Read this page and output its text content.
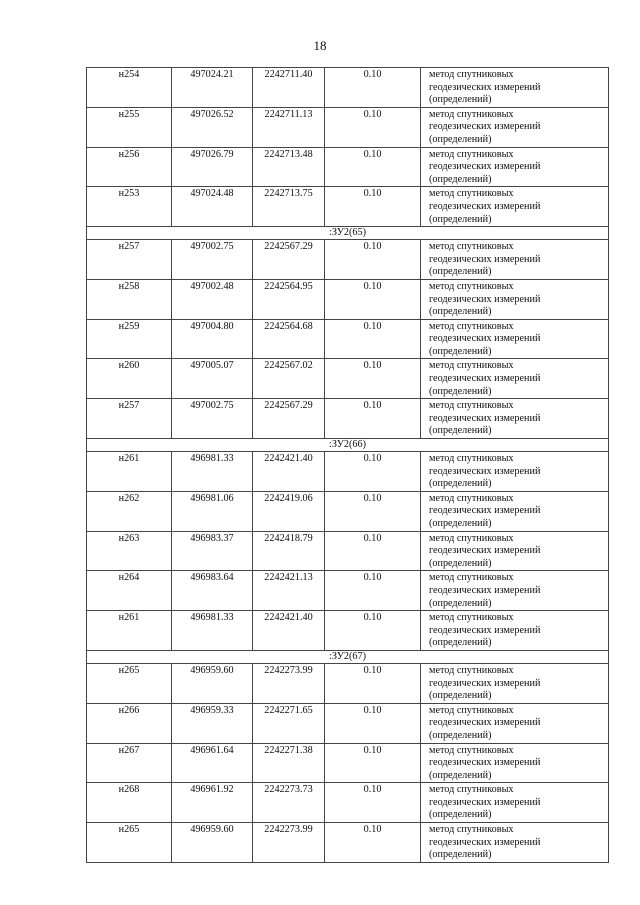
18
н254	497024.21	2242711.40	0.10	метод спутниковых
геодезических измерений
(определений)

н255	497026.52	2242711.13	0.10	метод спутниковых
геодезических измерений
(определений)

н256	497026.79	2242713.48	0.10	метод спутниковых
геодезических измерений
(определений)

н253	497024.48	2242713.75	0.10	метод спутниковых
геодезических измерений
(определений)

:ЗУ2(65)				
н257	497002.75	2242567.29	0.10	метод спутниковых
геодезических измерений
(определений)

н258	497002.48	2242564.95	0.10	метод спутниковых
геодезических измерений
(определений)

н259	497004.80	2242564.68	0.10	метод спутниковых
геодезических измерений
(определений)

н260	497005.07	2242567.02	0.10	метод спутниковых
геодезических измерений
(определений)

н257	497002.75	2242567.29	0.10	метод спутниковых
геодезических измерений
(определений)

:ЗУ2(66)				
н261	496981.33	2242421.40	0.10	метод спутниковых
геодезических измерений
(определений)

н262	496981.06	2242419.06	0.10	метод спутниковых
геодезических измерений
(определений)

н263	496983.37	2242418.79	0.10	метод спутниковых
геодезических измерений
(определений)

н264	496983.64	2242421.13	0.10	метод спутниковых
геодезических измерений
(определений)

н261	496981.33	2242421.40	0.10	метод спутниковых
геодезических измерений
(определений)

:ЗУ2(67)				
н265	496959.60	2242273.99	0.10	метод спутниковых
геодезических измерений
(определений)

н266	496959.33	2242271.65	0.10	метод спутниковых
геодезических измерений
(определений)

н267	496961.64	2242271.38	0.10	метод спутниковых
геодезических измерений
(определений)

н268	496961.92	2242273.73	0.10	метод спутниковых
геодезических измерений
(определений)

н265	496959.60	2242273.99	0.10	метод спутниковых
геодезических измерений
(определений)
